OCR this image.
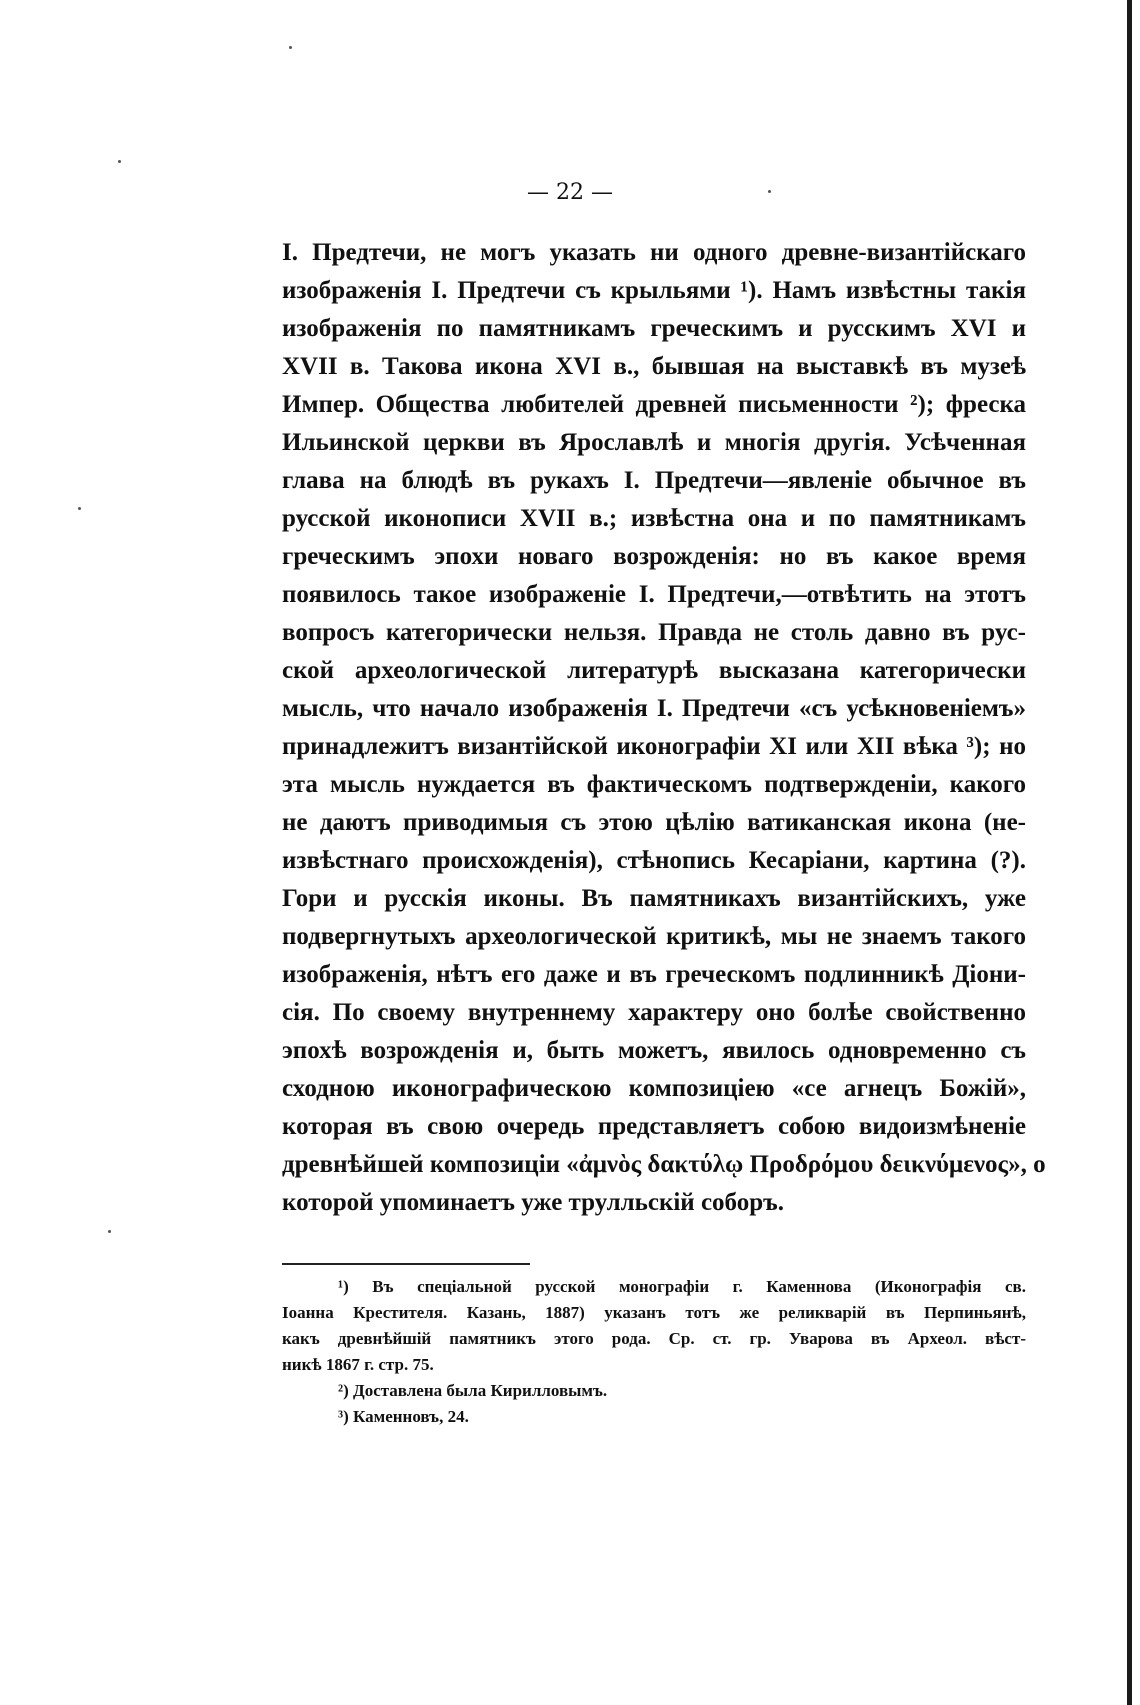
— 22 —
I. Предтечи, не могъ указать ни одного древне-византійскаго
изображенія I. Предтечи съ крыльями ¹). Намъ извѣстны такія
изображенія по памятникамъ греческимъ и русскимъ XVI и
XVII в. Такова икона XVI в., бывшая на выставкѣ въ музеѣ
Импер. Общества любителей древней письменности ²); фреска
Ильинской церкви въ Ярославлѣ и многія другія. Усѣченная
глава на блюдѣ въ рукахъ I. Предтечи—явленіе обычное въ
русской иконописи XVII в.; извѣстна она и по памятникамъ
греческимъ эпохи новаго возрожденія: но въ какое время
появилось такое изображеніе I. Предтечи,—отвѣтить на этотъ
вопросъ категорически нельзя. Правда не столь давно въ рус-
ской археологической литературѣ высказана категорически
мысль, что начало изображенія I. Предтечи «съ усѣкновеніемъ»
принадлежитъ византійской иконографіи XI или XII вѣка ³); но
эта мысль нуждается въ фактическомъ подтвержденіи, какого
не даютъ приводимыя съ этою цѣлію ватиканская икона (не-
извѣстнаго происхожденія), стѣнопись Кесаріани, картина (?).
Гори и русскія иконы. Въ памятникахъ византійскихъ, уже
подвергнутыхъ археологической критикѣ, мы не знаемъ такого
изображенія, нѣтъ его даже и въ греческомъ подлинникѣ Діони-
сія. По своему внутреннему характеру оно болѣе свойственно
эпохѣ возрожденія и, быть можетъ, явилось одновременно съ
сходною иконографическою композиціею «се агнецъ Божій»,
которая въ свою очередь представляетъ собою видоизмѣненіе
древнѣйшей композиціи «ἀμνὸς δακτύλῳ Προδρόμου δεικνύμενος», о
которой упоминаетъ уже трулльскій соборъ.
¹) Въ спеціальной русской монографіи г. Каменнова (Иконографія св.
Іоанна Крестителя. Казань, 1887) указанъ тотъ же реликварій въ Перпиньянѣ,
какъ древнѣйшій памятникъ этого рода. Ср. ст. гр. Уварова въ Археол. вѣст-
никѣ 1867 г. стр. 75.
²) Доставлена была Кирилловымъ.
³) Каменновъ, 24.
